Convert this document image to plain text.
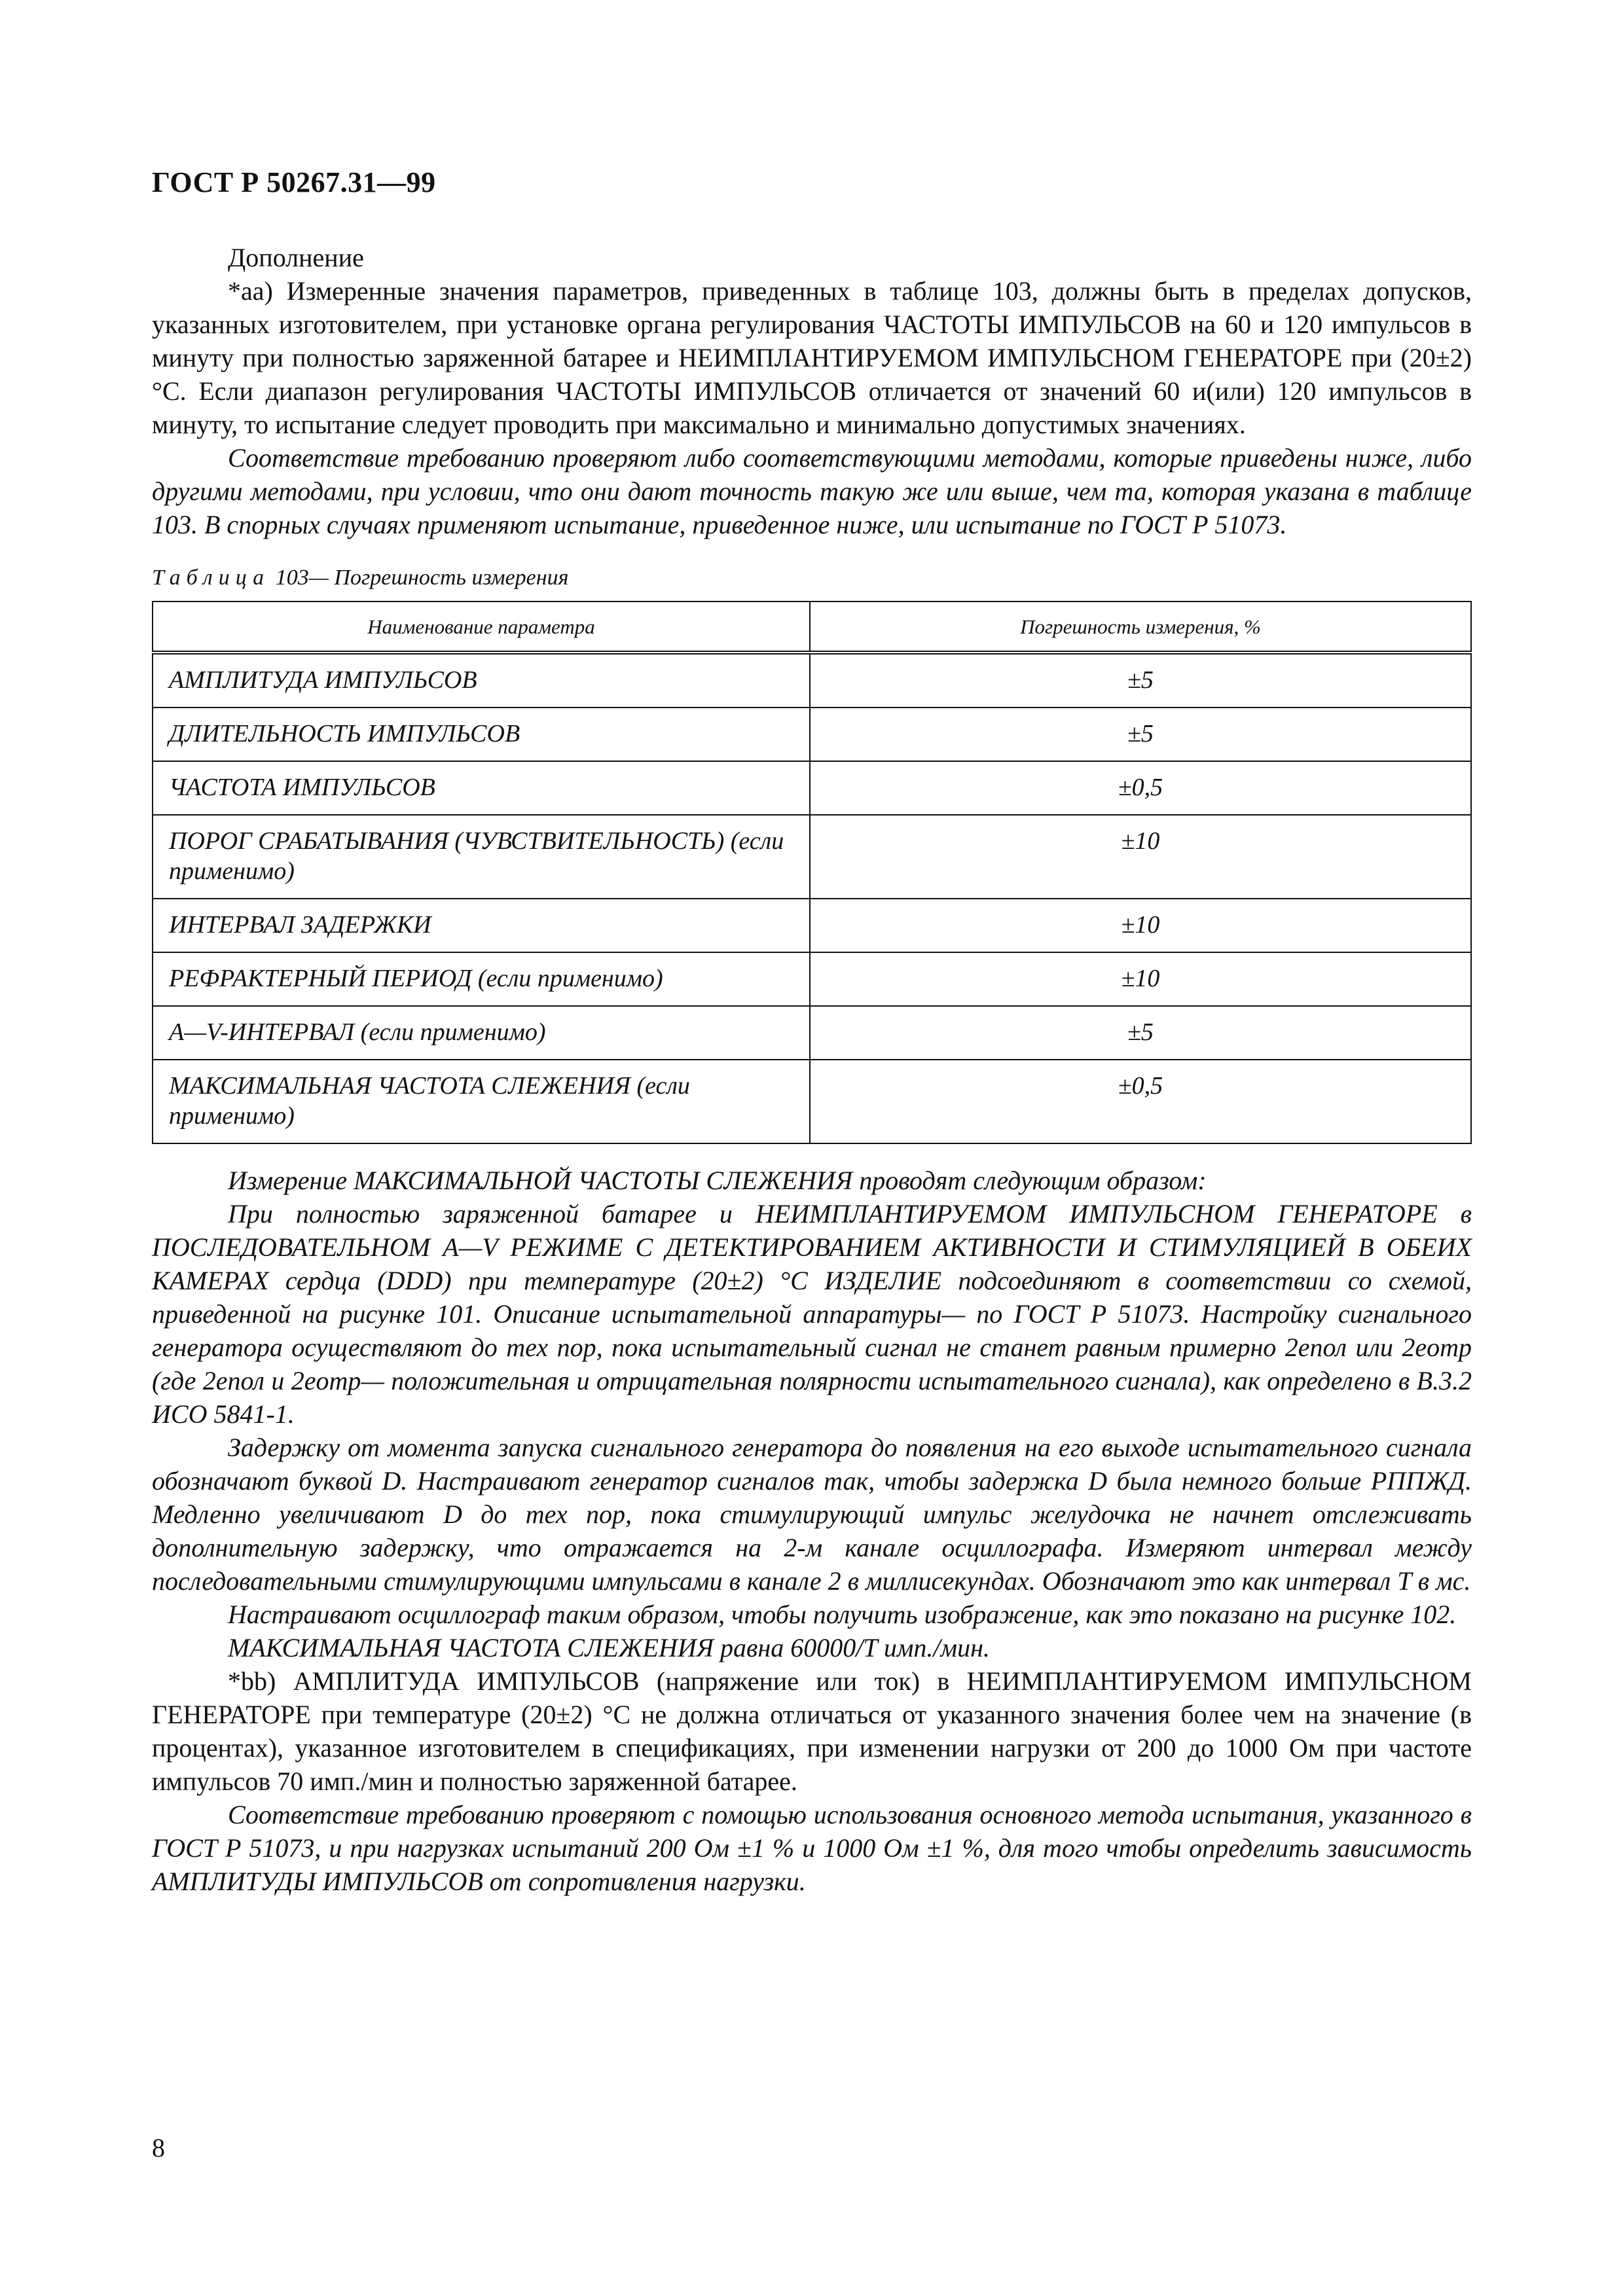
ГОСТ Р 50267.31—99

Дополнение

*аа) Измеренные значения параметров, приведенных в таблице 103, должны быть в пределах допусков, указанных изготовителем, при установке органа регулирования ЧАСТОТЫ ИМПУЛЬСОВ на 60 и 120 импульсов в минуту при полностью заряженной батарее и НЕИМПЛАНТИРУЕМОМ ИМПУЛЬСНОМ ГЕНЕРАТОРЕ при (20±2) °С. Если диапазон регулирования ЧАСТОТЫ ИМПУЛЬСОВ отличается от значений 60 и(или) 120 импульсов в минуту, то испытание следует проводить при максимально и минимально допустимых значениях.

Соответствие требованию проверяют либо соответствующими методами, которые приведены ниже, либо другими методами, при условии, что они дают точность такую же или выше, чем та, которая указана в таблице 103. В спорных случаях применяют испытание, приведенное ниже, или испытание по ГОСТ Р 51073.

Таблица 103— Погрешность измерения
Наименование параметра	Погрешность измерения, %
АМПЛИТУДА ИМПУЛЬСОВ	±5
ДЛИТЕЛЬНОСТЬ ИМПУЛЬСОВ	±5
ЧАСТОТА ИМПУЛЬСОВ	±0,5
ПОРОГ СРАБАТЫВАНИЯ (ЧУВСТВИТЕЛЬНОСТЬ) (если применимо)	±10
ИНТЕРВАЛ ЗАДЕРЖКИ	±10
РЕФРАКТЕРНЫЙ ПЕРИОД (если применимо)	±10
A—V-ИНТЕРВАЛ (если применимо)	±5
МАКСИМАЛЬНАЯ ЧАСТОТА СЛЕЖЕНИЯ (если применимо)	±0,5

Измерение МАКСИМАЛЬНОЙ ЧАСТОТЫ СЛЕЖЕНИЯ проводят следующим образом:

При полностью заряженной батарее и НЕИМПЛАНТИРУЕМОМ ИМПУЛЬСНОМ ГЕНЕРАТОРЕ в ПОСЛЕДОВАТЕЛЬНОМ A—V РЕЖИМЕ С ДЕТЕКТИРОВАНИЕМ АКТИВНОСТИ И СТИМУЛЯЦИЕЙ В ОБЕИХ КАМЕРАХ сердца (DDD) при температуре (20±2) °С ИЗДЕЛИЕ подсоединяют в соответствии со схемой, приведенной на рисунке 101. Описание испытательной аппаратуры— по ГОСТ Р 51073. Настройку сигнального генератора осуществляют до тех пор, пока испытательный сигнал не станет равным примерно 2eпол или 2eотр (где 2eпол и 2eотр— положительная и отрицательная полярности испытательного сигнала), как определено в В.3.2 ИСО 5841-1.

Задержку от момента запуска сигнального генератора до появления на его выходе испытательного сигнала обозначают буквой D. Настраивают генератор сигналов так, чтобы задержка D была немного больше РППЖД. Медленно увеличивают D до тех пор, пока стимулирующий импульс желудочка не начнет отслеживать дополнительную задержку, что отражается на 2-м канале осциллографа. Измеряют интервал между последовательными стимулирующими импульсами в канале 2 в миллисекундах. Обозначают это как интервал T в мс.

Настраивают осциллограф таким образом, чтобы получить изображение, как это показано на рисунке 102.

МАКСИМАЛЬНАЯ ЧАСТОТА СЛЕЖЕНИЯ равна 60000/T имп./мин.

*bb) АМПЛИТУДА ИМПУЛЬСОВ (напряжение или ток) в НЕИМПЛАНТИРУЕМОМ ИМПУЛЬСНОМ ГЕНЕРАТОРЕ при температуре (20±2) °С не должна отличаться от указанного значения более чем на значение (в процентах), указанное изготовителем в спецификациях, при изменении нагрузки от 200 до 1000 Ом при частоте импульсов 70 имп./мин и полностью заряженной батарее.

Соответствие требованию проверяют с помощью использования основного метода испытания, указанного в ГОСТ Р 51073, и при нагрузках испытаний 200 Ом ±1 % и 1000 Ом ±1 %, для того чтобы определить зависимость АМПЛИТУДЫ ИМПУЛЬСОВ от сопротивления нагрузки.

8
